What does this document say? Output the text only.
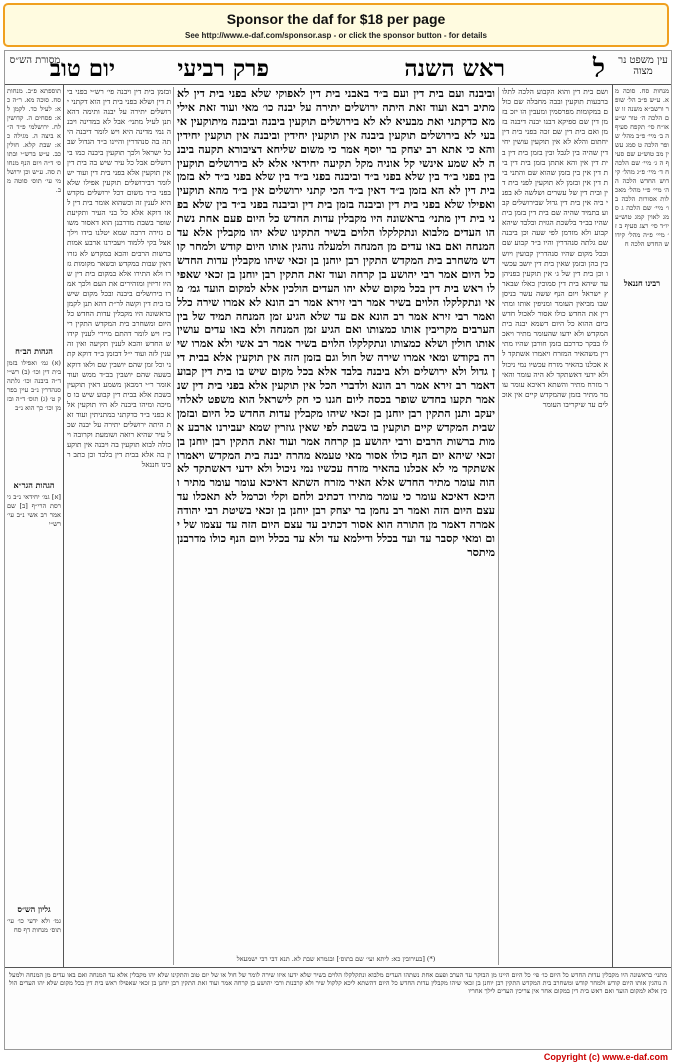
Sponsor the daf for $18 per page
See http://www.e-daf.com/sponsor.asp - or click the sponsor button - for details
יום טוב	פרק רביעי	ראש השנה	ל
מסורת הש״ס	עין משפט נר מצוה
תוספתא פ״ב. מנחות סח. סוכה מא. ר״ה כא: לעיל כד. לקמן לא: פסחים ה. קדושין לח. ירושלמי פ״ד ה״א ביצה ה. מגילה כא: שבת קלא. חולין כב. ע״ש ברש״י ובתוס׳ ד״ה ויום הנף מנחות סה. ע״ש וכן ירושלמי עי׳ תוס׳ סוטה מב.
הגהות הב״ח
(א) גמ׳ ואפילו בזמן בית דין וכו׳ (ב) רש״י ד״ה ביבנה וכו׳ גלתה סנהדרין נ״ב עיין בפרק ט׳ (ג) תוס׳ ד״ה ובזמן וכו׳ כך הוא נ״ב
הגהות הגר״א
[א] גמ׳ יחידאי נ״ב גירסת הרי״ף [ב] שם אמר רב אשי נ״ב עי׳ רש״י
גליון הש״ס
גמ׳ ולא ידעי כו׳ עי׳ תוס׳ מנחות דף סח
ובזמן בית דין ויבנה פי׳ רש״י בפני בית דין ושלא בפני בית דין הוא דקתני ירושלים יתירה על יבנה ותימה דהא תנן לעיל מתני׳ אבל לא במדינה ויבנה נמי מדינה היא ויש לומר דיבנה היתה בה סנהדרין והיינו ב״ד הגדול שבכל ישראל ולכך תוקעין ביבנה כמו בירושלים אבל כל עיר שיש בה בית דין אין תוקעין אלא בפני בית דין ועוד יש לומר דבירושלים תוקעין אפילו שלא בפני ב״ד משום דכל ירושלים מקדש היא לענין זה וכשהוא אומר בית דין לאו דוקא אלא כל בני העיר ותקיעת שופר בשבת מדרבנן הוא דאסור משום גזירה דרבה שמא יטלנו בידו וילך אצל בקי ללמוד ויעבירנו ארבע אמות ברשות הרבים והכא במקדש לא גזרו דאין שבות במקדש ובשאר מקומות גזרו ולא התירו אלא במקום בית דין שהיו זריזין ומזהירים את העם ולכך אמרו בירושלים ביבנה ובכל מקום שיש בו בית דין וקשה לר״ת דהא תנן לקמן בראשונה היו מקבלין עדות החדש כל היום ומשחרב בית המקדש התקין ריב״ז ויש לומר דהתם מיירי לענין קידוש החדש והכא לענין תקיעה ואין זה ענין לזה ועוד י״ל דבזמן ב״ד דוקא קתני וכל זמן שהם יושבין שם ולאו דוקא בשעה שהם יושבין בב״ד ממש ועוד אומר ר״י דמכאן משמע דאין תוקעין בשבת אלא בבית דין קבוע שיש בו סמיכה ומיהו ביבנה לא היו תוקעין אלא בפני ב״ד כדקתני במתניתין ועוד זאת היתה ירושלים יתירה על יבנה שכל עיר שהיא רואה ושומעת וקרובה ויכולה לבוא תוקעין בה ויבנה אין תוקעין בה אלא בבית דין בלבד וכן כתב רבינו חננאל
וביבנה ועם בית דין ועם ב״ד באבני בית דין לאפוקי שלא בפני בית דין לא מתיב רבא ועוד זאת היתה ירושלים יתירה על יבנה כו׳ מאי ועוד זאת אילימא כדקתני ואת מבעיא לא לא בירושלים תוקעין ביבנה וביבנה מיתוקעין איבעי לא בירושלים תוקעין ביבנה אין תוקעין יחידין וביבנה אין תוקעין יחידין והא כי אתא רב יצחק בר יוסף אמר כי משום שליחא דציבורא תקעה ביבנה לא שמע אינשי קל אוניה מקל תקיעה יחידאי אלא לא בירושלים תוקעין בין בפני ב״ד בין שלא בפני ב״ד וביבנה בפני ב״ד בין שלא בפני ב״ד לא בזמן בית דין לא הא בזמן ב״ד דאין ב״ד הכי קתני ירושלים אין ב״ד מהא תוקעין ואפילו שלא בפני בית דין וביבנה בזמן בית דין וביבנה בפני ב״ד בין שלא בפני בית דין מתני׳ בראשונה היו מקבלין עדות החדש כל היום פעם אחת נשתהו העדים מלבוא ונתקלקלו הלוים בשיר התקינו שלא יהו מקבלין אלא עד המנחה ואם באו עדים מן המנחה ולמעלה נוהגין אותו היום קודש ולמחר קודש משחרב בית המקדש התקין רבן יוחנן בן זכאי שיהו מקבלין עדות החדש כל היום אמר רבי יהושע בן קרחה ועוד זאת התקין רבן יוחנן בן זכאי שאפילו ראש בית דין בכל מקום שלא יהו העדים הולכין אלא למקום הועד גמ׳ מאי ונתקלקלו הלוים בשיר אמר רבי זירא אמר רב הונא לא אמרו שירה כלל ואמר רבי זירא אמר רב הונא אם עד שלא הגיע זמן המנחה תמיד של בין הערבים מקריבין אותו כמצותו ואם הגיע זמן המנחה ולא באו עדים עושין אותו חולין ושלא כמצותו ונתקלקלו הלוים בשיר אמר רב אשי ולא אמרו שירה בקודש ומאי אמרו שירה של חול וגם בזמן הזה אין תוקעין אלא בבית דין גדול ולא ירושלים ולא ביבנה בלבד אלא בכל מקום שיש בו בית דין קבוע דאמר רב זירא אמר רב הונא ולדברי הכל אין תוקעין אלא בפני בית דין שנאמר תקעו בחדש שופר בכסה ליום חגנו כי חק לישראל הוא משפט לאלהי יעקב ותנן התקין רבן יוחנן בן זכאי שיהו מקבלין עדות החדש כל היום ובזמן שבית המקדש קיים תוקעין בו בשבת לפי שאין גוזרין שמא יעבירנו ארבע אמות ברשות הרבים ורבי יהושע בן קרחה אמר ועוד זאת התקין רבן יוחנן בן זכאי שיהא יום הנף כולו אסור מאי טעמא מהרה יבנה בית המקדש ויאמרו אשתקד מי לא אכלנו בהאיר מזרח עכשיו נמי ניכול ולא ידעי דאשתקד לא הוה עומר מתיר החדש אלא האיר מזרח השתא דאיכא עומר עומר מתיר והיכא דאיכא עומר כי עומר מתירו דכתיב ולחם וקלי וכרמל לא תאכלו עד עצם היום הזה ואמר רב נחמן בר יצחק רבן יוחנן בן זכאי בשיטת רבי יהודה אמרה דאמר מן התורה הוא אסור דכתיב עד עצם היום הזה עד עצמו של יום ומאי קסבר עד ועד בכלל ודילמא עד ולא עד בכלל ויום הנף כולו מדרבנן מיתסר
ושם בית דין והוא הקבוע הלכה לתלו ברבעות תוקעין ובבה מחבלה שם כולם במקומות מפרסמין ומעבין הו יזכ בזמן דין שם ספיקא דבנו יבנה דיבנה בזמן ואם בית דין שם זכה בפני בית דין יחתום והלא לא אין תוקעין עושין יחידין שהיה בין לגבל ובין בזמן בית דין בית דין אין והא אתתן בזמן בית דין בית דין אין בין בזמן שהוא שם והתני בית דין אין ובזמן לא תוקעין לפני בית דין ובית דין של עשרים ושלשה לא בפני ביה אין בית דין גדול שבירושלים קבוע בתמיד שהיה שם בית דין בזמן בית שהיו בב״ד בלשכת הגזית ובלבד שיהא קבוע ולא מזדמן לפי שעה וכן ביבנה שם גלתה סנהדרין והיו ב״ד קבוע שם ובכל מקום שהיו סנהדרין קבועין ויושבין בהן ובזמן שאין בית דין יושב עכשיו וכן בית דין של ג׳ אין תוקעין בפניהן עד שיהא בית דין סמוכין כאלו שבארץ ישראל ויום הנף ששה עשר בניסן שבו מביאין העומר ומניפין אותו ומתירין את החדש כולו אסור לאכול חדש ביום ההוא כל היום דשמא יבנה בית המקדש ולא ידעו שהעומר מתיר ויאכלו בבקר כדרכם בזמן חורבן שהיו מתירין משהאיר המזרח ויאמרו אשתקד לא אכלנו בהאיר מזרח עכשיו נמי ניכול ולא ידעי דאשתקד לא היה עומר והאיר מזרח מתיר והשתא דאיכא עומר עומר מתיר בזמן שהמקדש קיים אין אוכלים עד שיקריבו העומר
רבינו חננאל
מנחות סח. סוכה מא. ע״ש פ״ב הל׳ שופר ורשב״א משנה זו שם הלכה ה׳ טור ש״ע או״ח סי׳ תקפח סעיף ה ב׳ מיי׳ פ״ב מהל׳ שופר הלכה ט סמג עשין מב טוש״ע שם סעיף ה ג׳ מיי׳ שם הלכה ח ד׳ מיי׳ פ״ג מהל׳ קידוש החדש הלכה ה ה׳ מיי׳ פ״י מהל׳ מאכלות אסורות הלכה ב ו׳ מיי׳ שם הלכה ג סמג לאוין קמג טוש״ע יו״ד סי׳ רצג סעיף ב ז׳ מיי׳ פ״ה מהל׳ קידוש החדש הלכה ח
(*) [בעירובין כא: ליתא ועי׳ שם בתוס׳] ובגמרא שבת לא. תנא דבי רבי ישמעאל
מתני׳ בראשונה היו מקבלין עדות החדש כל היום כו׳ פי׳ כל היום היינו מן הבוקר עד הערב ופעם אחת נשתהו העדים מלבוא ונתקלקלו הלוים בשיר שלא ידעו איזו שירה לומר של חול או של יום טוב והתקינו שלא יהו מקבלין אלא עד המנחה ואם באו עדים מן המנחה ולמעלה נוהגין אותו היום קודש ולמחר קודש ומשחרב בית המקדש התקין רבן יוחנן בן זכאי שיהו מקבלין עדות החדש כל היום דהשתא ליכא קלקול שיר ולא קרבנות ורבי יהושע בן קרחה אמר ועוד זאת התקין רבן יוחנן בן זכאי שאפילו ראש בית דין בכל מקום שלא יהו העדים הולכין אלא למקום הועד ואם ראש בית דין במקום אחר אין צריכין העדים לילך אחריו
Copyright (c) www.e-daf.com
